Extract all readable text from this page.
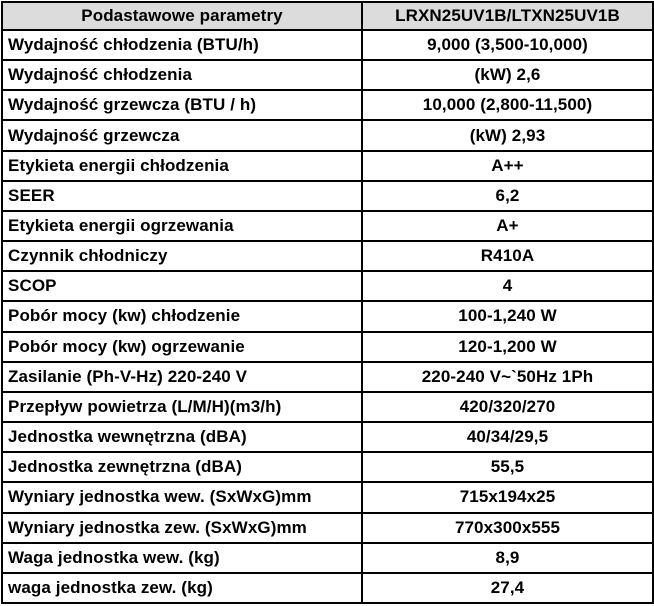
Podastawowe parametry	LRXN25UV1B/LTXN25UV1B
Wydajność chłodzenia (BTU/h)	9,000 (3,500-10,000)
Wydajność chłodzenia	(kW) 2,6
Wydajność grzewcza (BTU / h)	10,000 (2,800-11,500)
Wydajność grzewcza	(kW) 2,93
Etykieta energii chłodzenia	A++
SEER	6,2
Etykieta energii ogrzewania	A+
Czynnik chłodniczy	R410A
SCOP	4
Pobór mocy (kw) chłodzenie	100-1,240 W
Pobór mocy (kw) ogrzewanie	120-1,200 W
Zasilanie (Ph-V-Hz) 220-240 V	220-240 V~`50Hz 1Ph
Przepływ powietrza (L/M/H)(m3/h)	420/320/270
Jednostka wewnętrzna (dBA)	40/34/29,5
Jednostka zewnętrzna (dBA)	55,5
Wyniary jednostka wew. (SxWxG)mm	715x194x25
Wyniary jednostka zew. (SxWxG)mm	770x300x555
Waga jednostka wew. (kg)	8,9
waga jednostka zew. (kg)	27,4
